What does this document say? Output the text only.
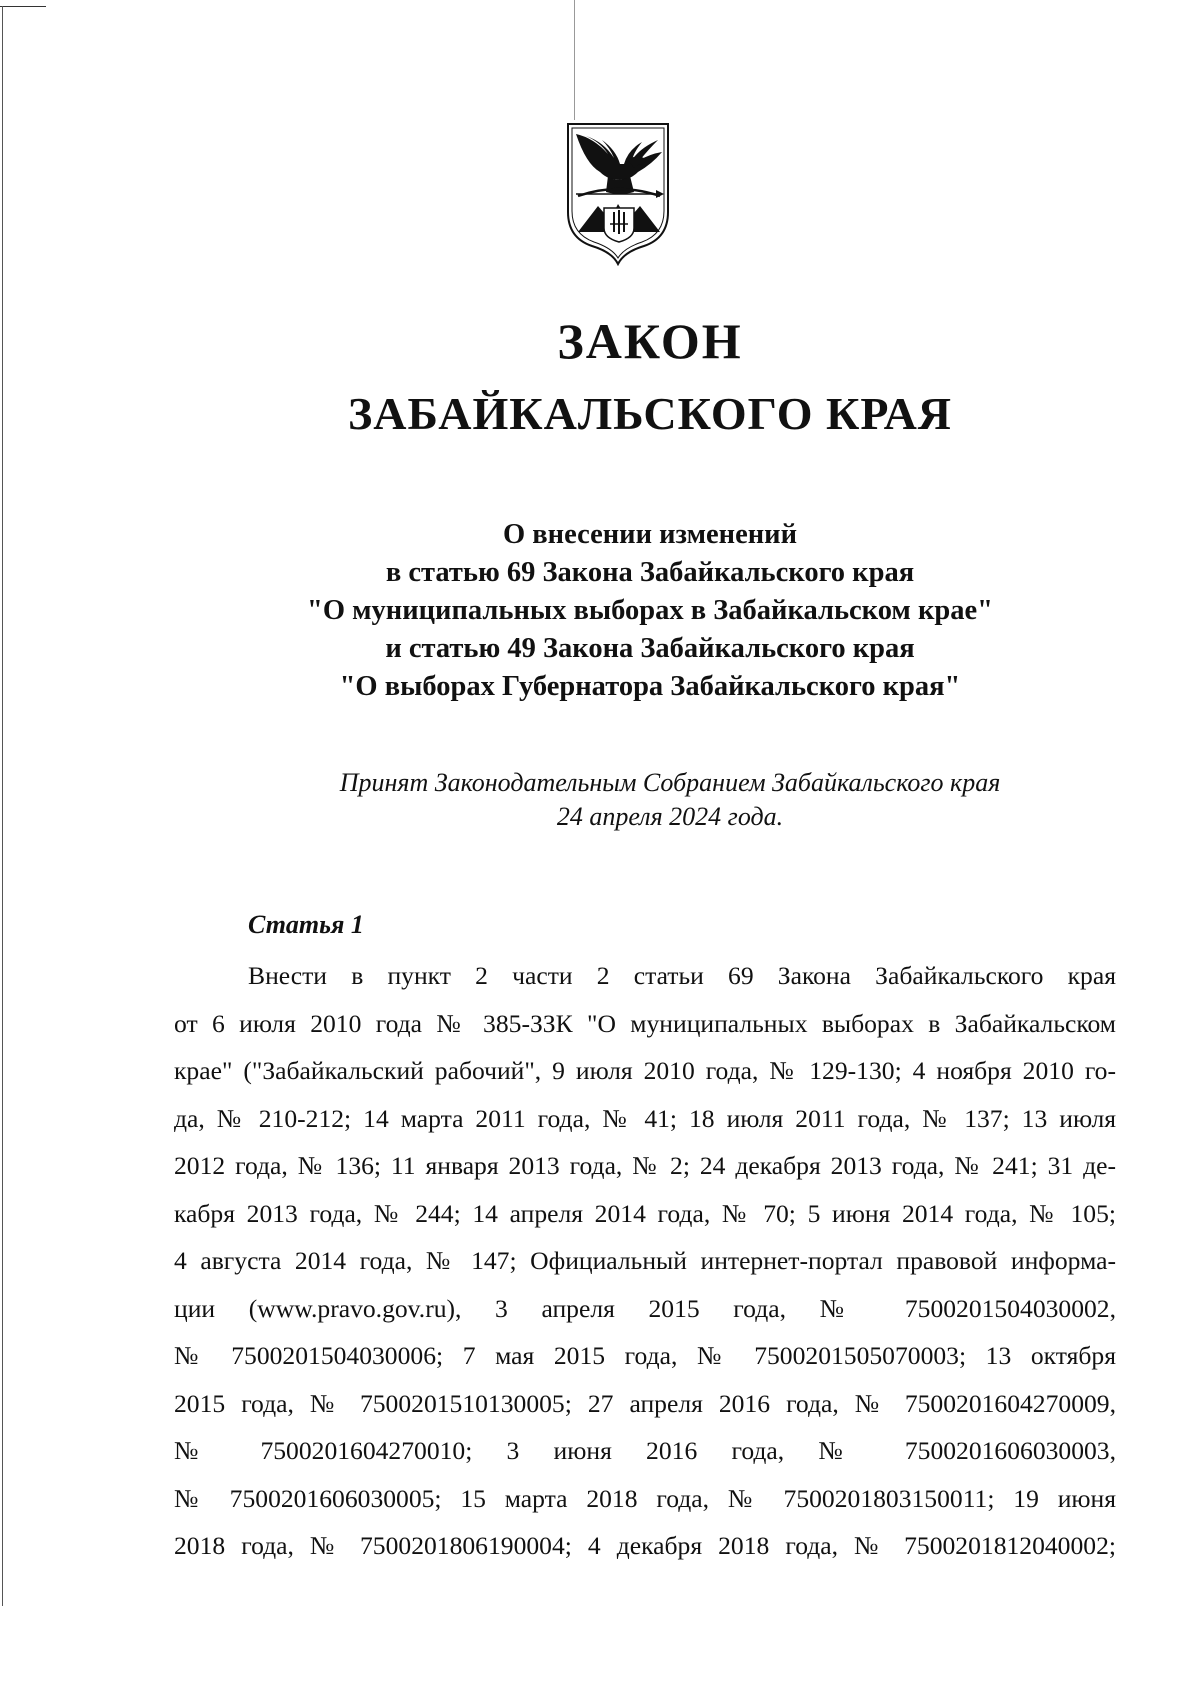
ЗАКОН
ЗАБАЙКАЛЬСКОГО КРАЯ
О внесении изменений
в статью 69 Закона Забайкальского края
"О муниципальных выборах в Забайкальском крае"
и статью 49 Закона Забайкальского края
"О выборах Губернатора Забайкальского края"
Принят Законодательным Собранием Забайкальского края
24 апреля 2024 года.
Статья 1
Внести в пункт 2 части 2 статьи 69 Закона Забайкальского края
от 6 июля 2010 года № 385-ЗЗК "О муниципальных выборах в Забайкальском
крае" ("Забайкальский рабочий", 9 июля 2010 года, № 129-130; 4 ноября 2010 го-
да, № 210-212; 14 марта 2011 года, № 41; 18 июля 2011 года, № 137; 13 июля
2012 года, № 136; 11 января 2013 года, № 2; 24 декабря 2013 года, № 241; 31 де-
кабря 2013 года, № 244; 14 апреля 2014 года, № 70; 5 июня 2014 года, № 105;
4 августа 2014 года, № 147; Официальный интернет-портал правовой информа-
ции (www.pravo.gov.ru), 3 апреля 2015 года, № 7500201504030002,
№ 7500201504030006; 7 мая 2015 года, № 7500201505070003; 13 октября
2015 года, № 7500201510130005; 27 апреля 2016 года, № 7500201604270009,
№ 7500201604270010; 3 июня 2016 года, № 7500201606030003,
№ 7500201606030005; 15 марта 2018 года, № 7500201803150011; 19 июня
2018 года, № 7500201806190004; 4 декабря 2018 года, № 7500201812040002;
